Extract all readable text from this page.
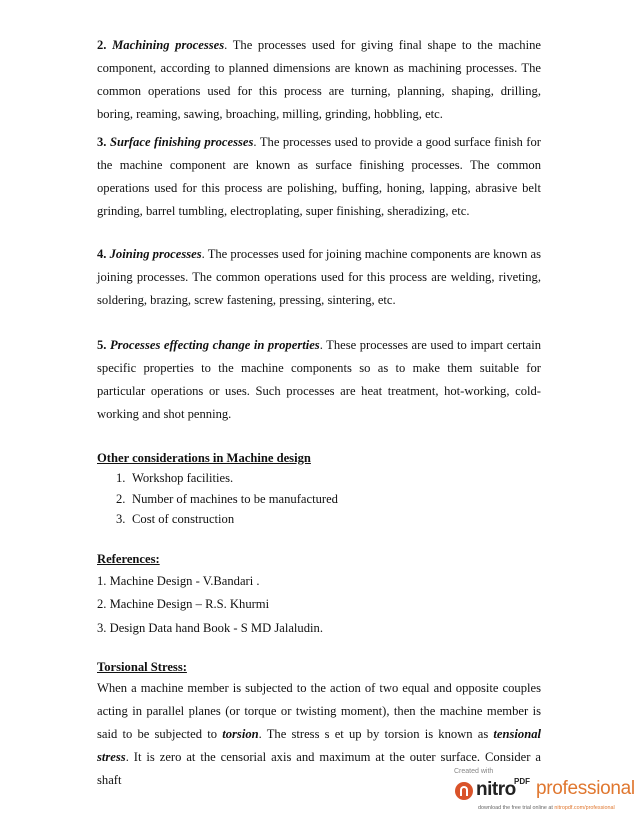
2. Machining processes. The processes used for giving final shape to the machine component, according to planned dimensions are known as machining processes. The common operations used for this process are turning, planning, shaping, drilling, boring, reaming, sawing, broaching, milling, grinding, hobbling, etc.

3. Surface finishing processes. The processes used to provide a good surface finish for the machine component are known as surface finishing processes. The common operations used for this process are polishing, buffing, honing, lapping, abrasive belt grinding, barrel tumbling, electroplating, super finishing, sheradizing, etc.

4. Joining processes. The processes used for joining machine components are known as joining processes. The common operations used for this process are welding, riveting, soldering, brazing, screw fastening, pressing, sintering, etc.

5. Processes effecting change in properties. These processes are used to impart certain specific properties to the machine components so as to make them suitable for particular operations or uses. Such processes are heat treatment, hot-working, cold-working and shot penning.

Other considerations in Machine design

1. Workshop facilities.
2. Number of machines to be manufactured
3. Cost of construction

References:

1. Machine Design - V.Bandari .

2. Machine Design – R.S. Khurmi

3. Design Data hand Book - S MD Jalaludin.

Torsional Stress:

When a machine member is subjected to the action of two equal and opposite couples acting in parallel planes (or torque or twisting moment), then the machine member is said to be subjected to torsion. The stress s et up by torsion is known as tensional stress. It is zero at the censorial axis and maximum at the outer surface. Consider a shaft

Created with
nitro
PDF professional
download the free trial online at nitropdf.com/professional
